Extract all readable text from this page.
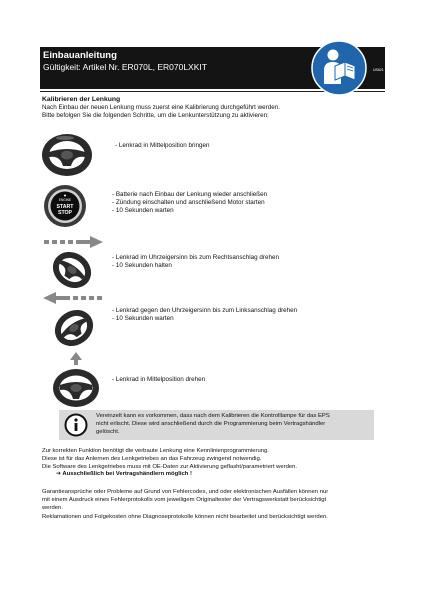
Einbauanleitung
Gültigkeit: Artikel Nr. ER070L, ER070LXKIT	US621
Kalibrieren der Lenkung
Nach Einbau der neuen Lenkung muss zuerst eine Kalibrierung durchgeführt werden.
Bitte befolgen Sie die folgenden Schritte, um die Lenkunterstützung zu aktivieren:
- Lenkrad in Mittelposition bringen
ENGINE
START
STOP
- Batterie nach Einbau der Lenkung wieder anschließen
- Zündung einschalten und anschließend Motor starten
- 10 Sekunden warten
- Lenkrad im Uhrzeigersinn bis zum Rechtsanschlag drehen
- 10 Sekunden halten
- Lenkrad gegen den Uhrzeigersinn bis zum Linksanschlag drehen
- 10 Sekunden warten
- Lenkrad in Mittelposition drehen
Vereinzelt kann es vorkommen, dass nach dem Kalibrieren die Kontrolllampe für das EPS
nicht erlischt. Diese wird anschließend durch die Programmierung beim Vertragshändler
gelöscht.
Zur korrekten Funktion benötigt die verbaute Lenkung eine Kennlinienprogrammierung.
Diese ist für das Anlernen des Lenkgetriebes an das Fahrzeug zwingend notwendig.
Die Software des Lenkgetriebes muss mit OE-Daten zur Aktivierung geflasht/parametriert werden.
➔ Ausschließlich bei Vertragshändlern möglich !
Garantieansprüche oder Probleme auf Grund von Fehlercodes, und oder elektronischen Ausfällen können nur
mit einem Ausdruck eines Fehlerprotokolls vom jeweiligem Originaltester der Vertragswerkstatt berücksichtigt
werden.
Reklamationen und Folgekosten ohne Diagnoseprotokolle können nicht bearbeitet und berücksichtigt werden.
